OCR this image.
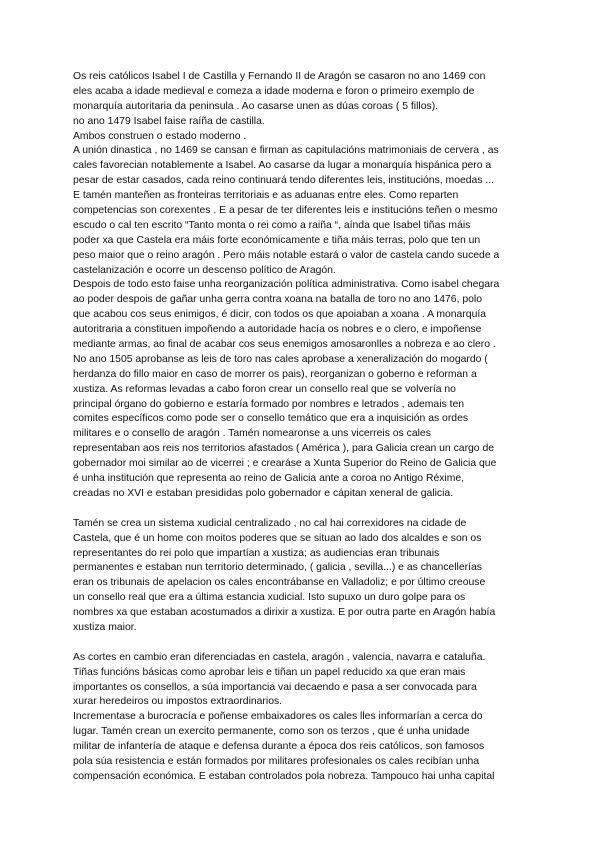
Os reis católicos Isabel I de Castilla y Fernando II de Aragón se casaron no ano 1469 con
eles acaba a idade medieval e comeza a idade moderna e foron o primeiro exemplo de
monarquía autoritaria da peninsula . Ao casarse unen as dúas coroas ( 5 fillos).
no ano 1479 Isabel faise raíña de castilla.
Ambos construen o estado moderno .
A unión dinastica , no 1469 se cansan e firman as capitulacións matrimoniais de cervera , as
cales favorecian notablemente a Isabel. Ao casarse da lugar a monarquía hispánica pero a
pesar de estar casados, cada reino continuará tendo diferentes leis, institucións, moedas ...
E tamén manteñen as fronteiras territoriais e as aduanas entre eles. Como reparten
competencias son corexentes . E a pesar de ter diferentes leis e institucións teñen o mesmo
escudo o cal ten escrito “Tanto monta o rei como a raiña “, aínda que Isabel tiñas máis
poder xa que Castela era máis forte económicamente e tiña máis terras, polo que ten un
peso maior que o reino aragón . Pero máis notable estará o valor de castela cando sucede a
castelanización e ocorre un descenso político de Aragón.
Despois de todo esto faise unha reorganización política administrativa. Como isabel chegara
ao poder despois de gañar unha gerra contra xoana na batalla de toro no ano 1476, polo
que acabou cos seus enimigos, é dicir, con todos os que apoiaban a xoana . A monarquía
autoritraria a constituen impoñendo a autoridade hacía os nobres e o clero, e impoñense
mediante armas, ao final de acabar cos seus enemigos amosaronlles a nobreza e ao clero .
No ano 1505 aprobanse as leis de toro nas cales aprobase a xeneralización do mogardo (
herdanza do fillo maior en caso de morrer os pais), reorganizan o goberno e reforman a
xustiza. As reformas levadas a cabo foron crear un consello real que se volvería no
principal órgano do gobierno e estaría formado por nombres e letrados , ademais ten
comites específicos como pode ser o consello temático que era a inquisición as ordes
militares e o consello de aragón . Tamén nomearonse a uns vicerreis os cales
representaban aos reis nos territorios afastados ( América ), para Galicia crean un cargo de
gobernador moi similar ao de vicerrei ; e crearáse a Xunta Superior do Reino de Galicia que
é unha institución que representa ao reino de Galicia ante a coroa no Antigo Réxime,
creadas no XVI e estaban presididas polo gobernador e cápitan xeneral de galicia.
Tamén se crea un sistema xudicial centralizado , no cal hai correxidores na cidade de
Castela, que é un home con moitos poderes que se situan ao lado dos alcaldes e son os
representantes do rei polo que impartían a xustiza; as audiencias eran tribunais
permanentes e estaban nun territorio determinado, ( galicia , sevilla...) e as chancellerías
eran os tribunais de apelacion os cales encontrábanse en Valladoliz; e por último creouse
un consello real que era a última estancia xudicial. Isto supuxo un duro golpe para os
nombres xa que estaban acostumados a dirixir a xustiza. E por outra parte en Aragón había
xustiza maior.
As cortes en cambio eran diferenciadas en castela, aragón , valencia, navarra e cataluña.
Tiñas funcións básicas como aprobar leis e tiñan un papel reducido xa que eran mais
importantes os consellos, a súa importancia vai decaendo e pasa a ser convocada para
xurar heredeiros ou impostos extraordinarios.
Incrementase a burocracía e poñense embaixadores os cales lles informarían a cerca do
lugar. Tamén crean un exercito permanente, como son os terzos , que é unha unidade
militar de infantería de ataque e defensa durante a época dos reis católicos, son famosos
pola súa resistencia e están formados por militares profesionales os cales recibían unha
compensación económica. E estaban controlados pola nobreza. Tampouco hai unha capital
